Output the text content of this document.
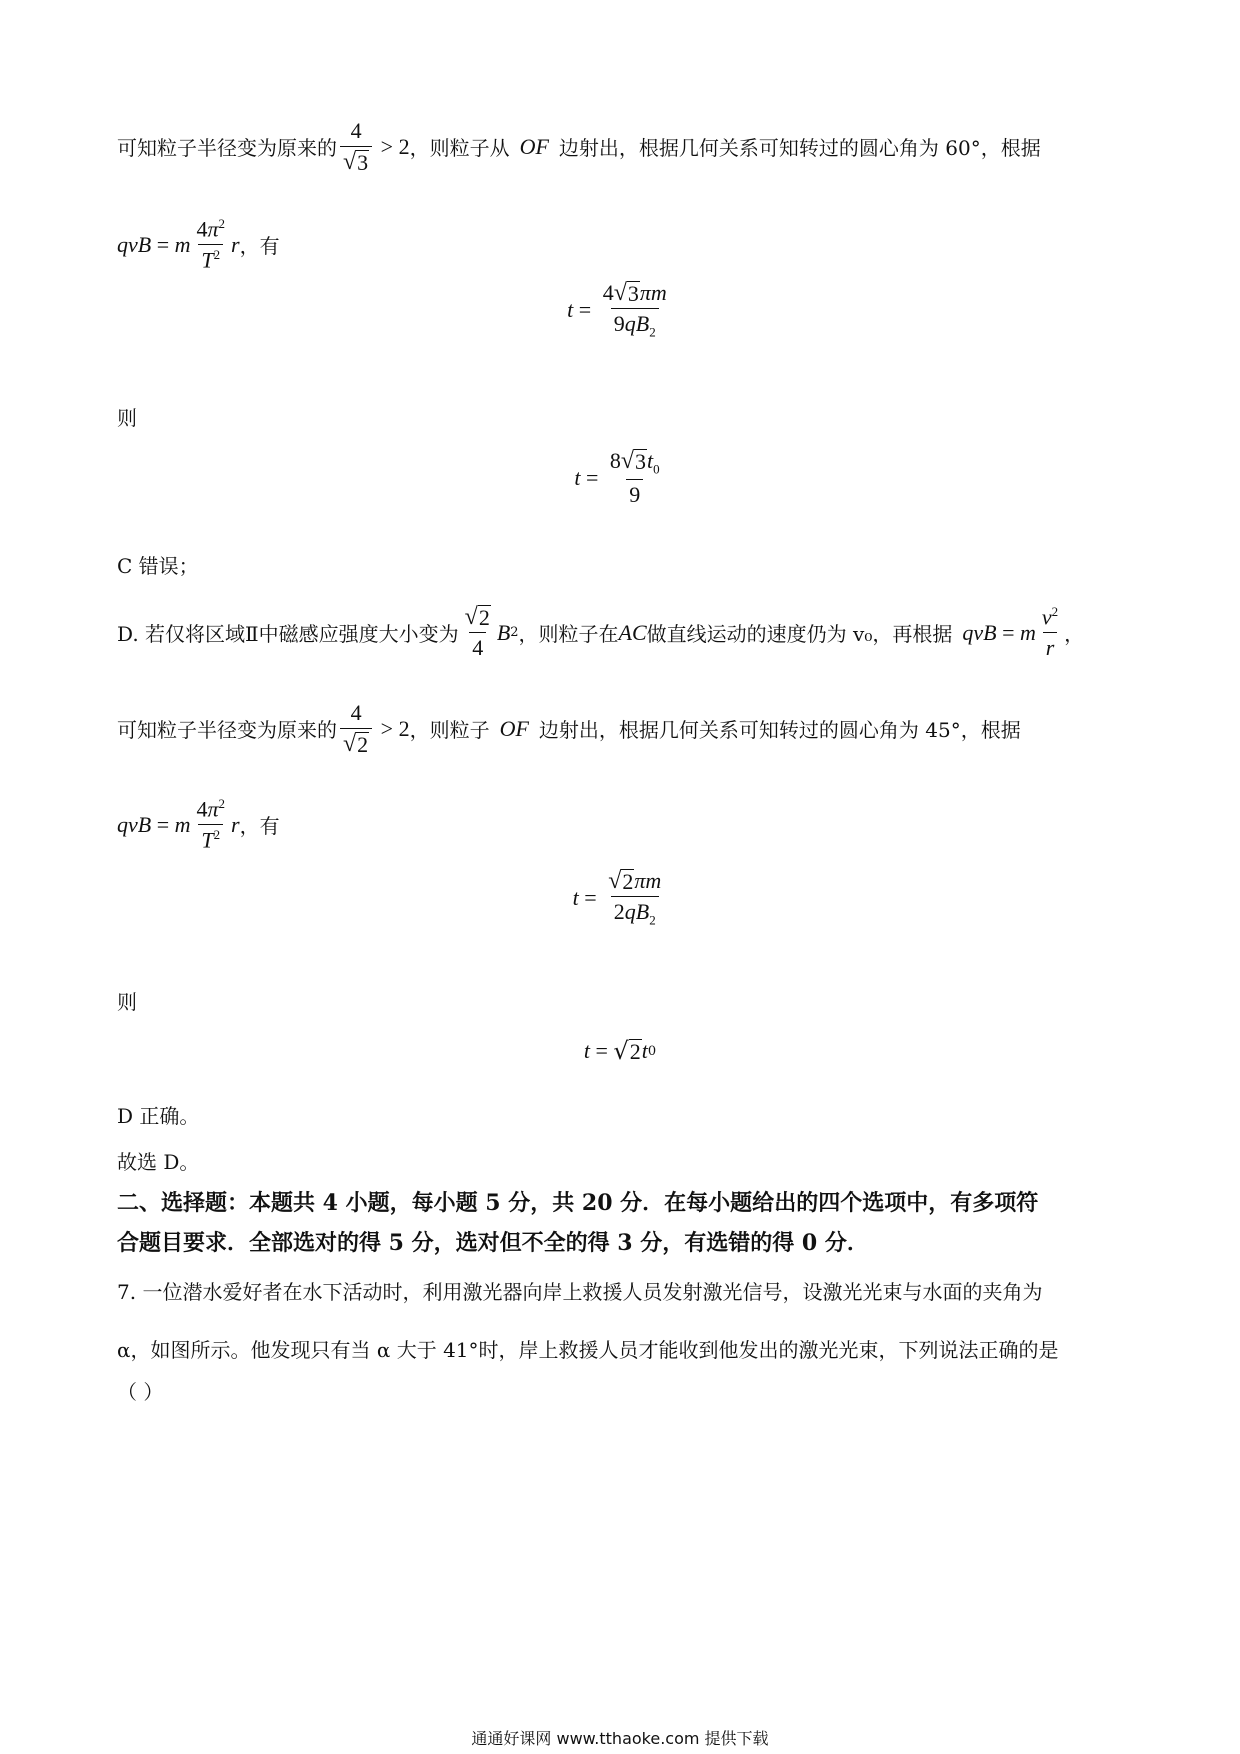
可知粒子半径变为原来的 $\frac{4}{√ 3} > 2$ ，则粒子从 OF 边射出，根据几何关系可知转过的圆心角为 60°，根据
qvB = m $\frac{4\pi^2}{T^2}$ r ，有
$t = \frac{4 √ 3 \pi m}{9qB_2}$
则
$t = \frac{8 √ 3 t_0}{9}$
C 错误；
D. 若仅将区域Ⅱ中磁感应强度大小变为 $\frac{√ 2}{4}$ B 2 ，则粒子在 AC 做直线运动的速度仍为 v₀，再根据 qvB = m $\frac{v^2}{r}$ ，
可知粒子半径变为原来的 $\frac{4}{√ 2} > 2$ ，则粒子 OF 边射出，根据几何关系可知转过的圆心角为 45°，根据
qvB = m $\frac{4\pi^2}{T^2}$ r ，有
$t = \frac{√ 2 \pi m}{2qB_2}$
则
t = √ 2 t 0
D 正确。
故选 D。
二、选择题：本题共 4 小题，每小题 5 分，共 20 分．在每小题给出的四个选项中，有多项符
合题目要求．全部选对的得 5 分，选对但不全的得 3 分，有选错的得 0 分．
7. 一位潜水爱好者在水下活动时，利用激光器向岸上救援人员发射激光信号，设激光光束与水面的夹角为
α，如图所示。他发现只有当 α 大于 41°时，岸上救援人员才能收到他发出的激光光束，下列说法正确的是
（ ）
通通好课网 www.tthaoke.com 提供下载
